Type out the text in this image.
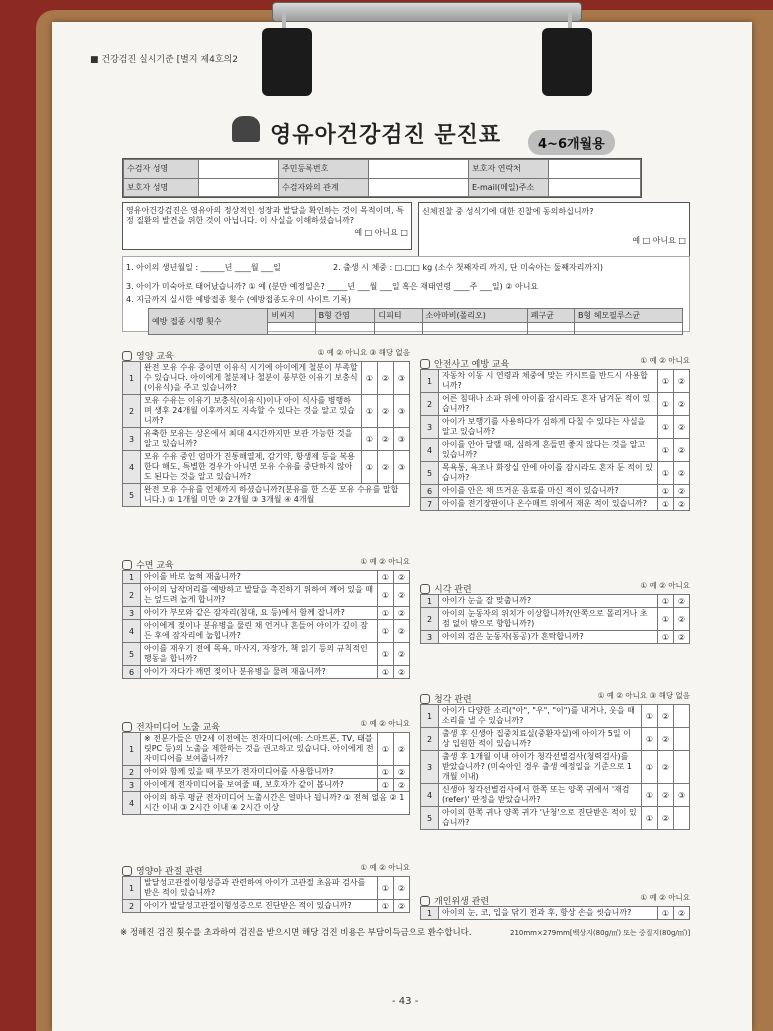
■ 건강검진 실시기준 [별지 제4호의2
영유아건강검진 문진표	4~6개월용
수검자 성명		주민등록번호		보호자 연락처	
보호자 성명		수검자와의 관계		E-mail(메일)주소	
영유아건강검진은 영유아의 정상적인 성장과 발달을 확인하는 것이 목적이며, 특정 질환의 발견을 위한 것이 아닙니다. 이 사실을 이해하셨습니까?
예 □ 아니요 □
신체진찰 중 성식기에 대한 진찰에 동의하십니까?
예 □ 아니요 □
1. 아이의 생년월일 : ______년 ____월 ___일	2. 출생 시 체중 : □.□□ kg (소수 첫째자리 까지, 단 미숙아는 둘째자리까지)
3. 아이가 미숙아로 태어났습니까? ① 예 (분만 예정일은? _____년 ___월 ___일 혹은 재태연령 ____주 ___일) ② 아니요
4. 지금까지 실시한 예방접종 횟수 (예방접종도우미 사이트 기록)
예방 접종 시행 횟수	비씨지	B형 간염	디피티	소아마비(폴리오)	폐구균	B형 헤모필루스균

영양 교육	① 예 ② 아니요 ③ 해당 없음
1	완전 모유 수유 중이면 이유식 시기에 아이에게 철분이 부족할 수 있습니다. 아이에게 철분제나 철분이 풍부한 이유기 보충식(이유식)을 주고 있습니까?	①	②	③
2	모유 수유는 이유기 보충식(이유식)이나 아이 식사를 병행하며 생후 24개월 이후까지도 지속할 수 있다는 것을 알고 있습니까?	①	②	③
3	유축한 모유는 상온에서 최대 4시간까지만 보관 가능한 것을 알고 있습니까?	①	②	③
4	모유 수유 중인 엄마가 진통해열제, 감기약, 항생제 등을 복용한다 해도, 특별한 경우가 아니면 모유 수유를 중단하지 않아도 된다는 것을 알고 있습니까?	①	②	③
5	완전 모유 수유를 언제까지 하셨습니까?(분유를 한 스푼 모유 수유를 말합니다.) ① 1개월 미만 ② 2개월 ③ 3개월 ④ 4개월			
수면 교육	① 예 ② 아니요
1	아이를 바로 눕혀 재웁니까?	①	②
2	아이의 납작머리를 예방하고 발달을 촉진하기 위하여 깨어 있을 때는 엎드려 놀게 합니까?	①	②
3	아이가 부모와 같은 잠자리(침대, 요 등)에서 함께 잡니까?	①	②
4	아이에게 젖이나 분유병을 물린 채 언거나 흔들어 아이가 깊이 잠든 후에 잠자리에 눕힙니까?	①	②
5	아이를 재우기 전에 목욕, 마사지, 자장가, 책 읽기 등의 규칙적인 행동을 합니까?	①	②
6	아이가 자다가 깨면 젖이나 분유병을 물려 재웁니까?	①	②
전자미디어 노출 교육	① 예 ② 아니요
1	※ 전문가들은 만2세 이전에는 전자미디어(예: 스마트폰, TV, 태블릿PC 등)의 노출을 제한하는 것을 권고하고 있습니다. 아이에게 전자미디어를 보여줍니까?	①	②
2	아이와 함께 있을 때 부모가 전자미디어를 사용합니까?	①	②
3	아이에게 전자미디어를 보여줄 때, 보호자가 같이 봅니까?	①	②
4	아이의 하루 평균 전자미디어 노출시간은 얼마나 됩니까? ① 전혀 없음 ② 1시간 이내 ③ 2시간 이내 ④ 2시간 이상		
영양아 관절 관련	① 예 ② 아니요
1	발달성고관절이형성증과 관련하여 아이가 고관절 초음파 검사를 받은 적이 있습니까?	①	②
2	아이가 발달성고관절이형성증으로 진단받은 적이 있습니까?	①	②
안전사고 예방 교육	① 예 ② 아니요
1	자동차 이동 시 연령과 체중에 맞는 카시트를 반드시 사용합니까?	①	②
2	어른 침대나 소파 위에 아이를 잠시라도 혼자 남겨둔 적이 있습니까?	①	②
3	아이가 보행기를 사용하다가 심하게 다칠 수 있다는 사실을 알고 있습니까?	①	②
4	아이를 안아 달랠 때, 심하게 흔들면 좋지 않다는 것을 알고 있습니까?	①	②
5	목욕통, 욕조나 화장실 안에 아이를 잠시라도 혼자 둔 적이 있습니까?	①	②
6	아이를 안은 채 뜨거운 음료를 마신 적이 있습니까?	①	②
7	아이를 전기장판이나 온수매트 위에서 재운 적이 있습니까?	①	②
시각 관련	① 예 ② 아니요
1	아이가 눈을 잘 맞춥니까?	①	②
2	아이의 눈동자의 위치가 이상합니까?(안쪽으로 몰리거나 초점 없이 밖으로 향합니까?)	①	②
3	아이의 검은 눈동자(동공)가 흔탁합니까?	①	②
청각 관련	① 예 ② 아니요 ③ 해당 없음
1	아이가 다양한 소리("아", "우", "이")를 내거나, 웃을 때 소리를 낼 수 있습니까?	①	②	
2	출생 후 신생아 집중치료실(중환자실)에 아이가 5일 이상 입원한 적이 있습니까?	①	②	
3	출생 후 1개월 이내 아이가 청각선별검사(청력검사)를 받았습니까? (미숙아인 경우 출생 예정일을 기준으로 1개월 이내)	①	②	
4	신생아 청각선별검사에서 한쪽 또는 양쪽 귀에서 '재검(refer)' 판정을 받았습니까?	①	②	③
5	아이의 한쪽 귀나 양쪽 귀가 '난청'으로 진단받은 적이 있습니까?	①	②	
개인위생 관련	① 예 ② 아니요
1	아이의 눈, 코, 입을 닦기 전과 후, 항상 손을 씻습니까?	①	②
※ 정해진 검진 횟수를 초과하여 검진을 받으시면 해당 검진 비용은 부담이득금으로 환수합니다.	210mm×279mm[백상지(80g/㎡) 또는 중질지(80g/㎡)]
- 43 -
